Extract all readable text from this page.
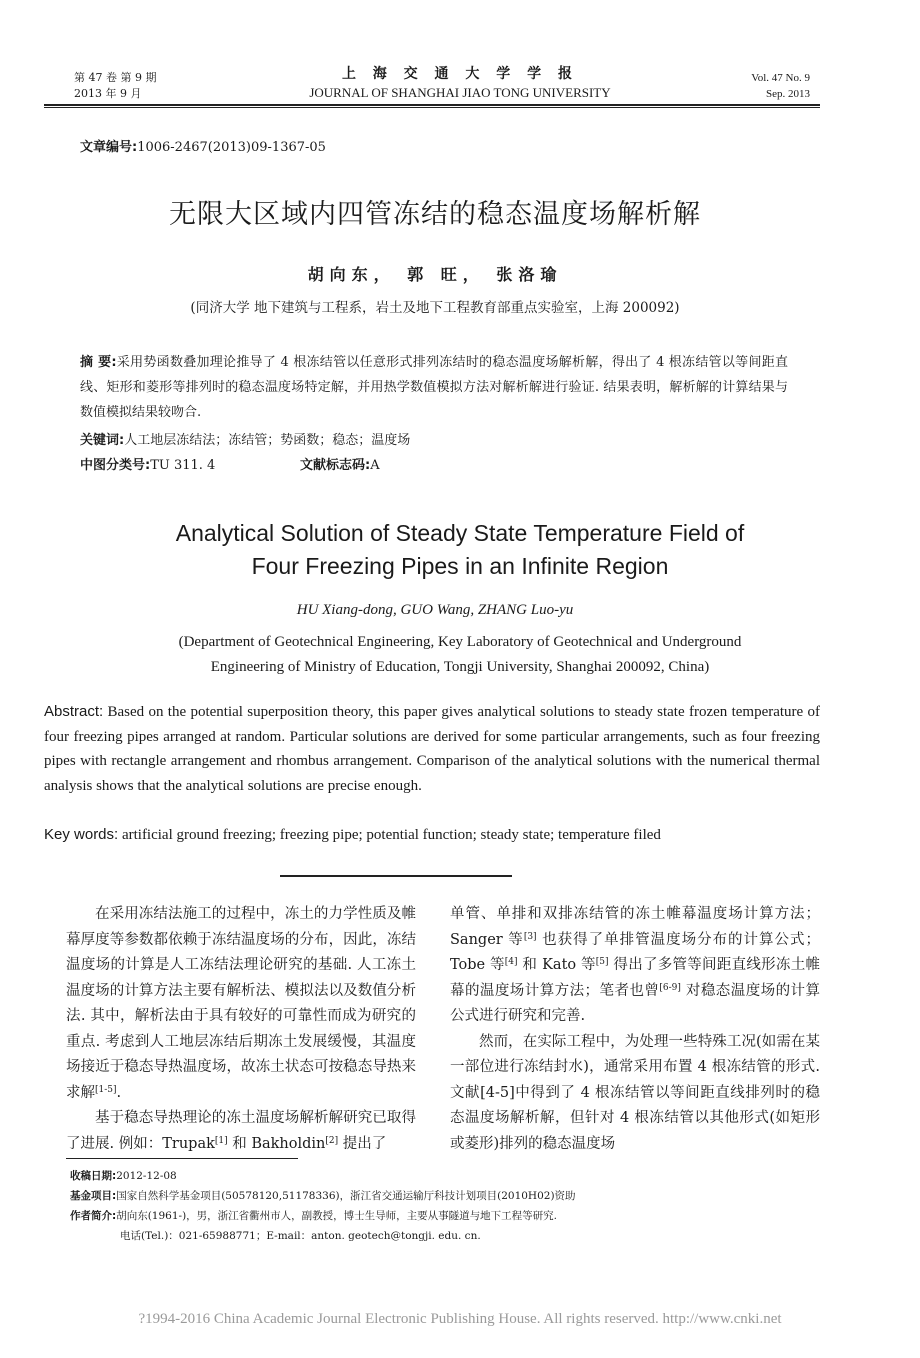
第 47 卷 第 9 期
2013 年 9 月
上 海 交 通 大 学 学 报
JOURNAL OF SHANGHAI JIAO TONG UNIVERSITY
Vol. 47 No. 9
Sep. 2013
文章编号:1006-2467(2013)09-1367-05
无限大区域内四管冻结的稳态温度场解析解
胡向东， 郭 旺， 张洛瑜
(同济大学 地下建筑与工程系，岩土及地下工程教育部重点实验室，上海 200092)
摘 要:采用势函数叠加理论推导了 4 根冻结管以任意形式排列冻结时的稳态温度场解析解，得出了 4 根冻结管以等间距直线、矩形和菱形等排列时的稳态温度场特定解，并用热学数值模拟方法对解析解进行验证. 结果表明，解析解的计算结果与数值模拟结果较吻合.
关键词:人工地层冻结法；冻结管；势函数；稳态；温度场
中图分类号:TU 311. 4	文献标志码:A
Analytical Solution of Steady State Temperature Field of
Four Freezing Pipes in an Infinite Region
HU Xiang-dong, GUO Wang, ZHANG Luo-yu
(Department of Geotechnical Engineering, Key Laboratory of Geotechnical and Underground
Engineering of Ministry of Education, Tongji University, Shanghai 200092, China)
Abstract: Based on the potential superposition theory, this paper gives analytical solutions to steady state frozen temperature of four freezing pipes arranged at random. Particular solutions are derived for some particular arrangements, such as four freezing pipes with rectangle arrangement and rhombus arrangement. Comparison of the analytical solutions with the numerical thermal analysis shows that the analytical solutions are precise enough.
Key words: artificial ground freezing; freezing pipe; potential function; steady state; temperature filed

在采用冻结法施工的过程中，冻土的力学性质及帷幕厚度等参数都依赖于冻结温度场的分布，因此，冻结温度场的计算是人工冻结法理论研究的基础. 人工冻土温度场的计算方法主要有解析法、模拟法以及数值分析法. 其中，解析法由于具有较好的可靠性而成为研究的重点. 考虑到人工地层冻结后期冻土发展缓慢，其温度场接近于稳态导热温度场，故冻土状态可按稳态导热来求解[1-5].

基于稳态导热理论的冻土温度场解析解研究已取得了进展. 例如：Trupak[1] 和 Bakholdin[2] 提出了

单管、单排和双排冻结管的冻土帷幕温度场计算方法；Sanger 等[3] 也获得了单排管温度场分布的计算公式；Tobe 等[4] 和 Kato 等[5] 得出了多管等间距直线形冻土帷幕的温度场计算方法；笔者也曾[6-9] 对稳态温度场的计算公式进行研究和完善.

然而，在实际工程中，为处理一些特殊工况(如需在某一部位进行冻结封水)，通常采用布置 4 根冻结管的形式. 文献[4-5]中得到了 4 根冻结管以等间距直线排列时的稳态温度场解析解，但针对 4 根冻结管以其他形式(如矩形或菱形)排列的稳态温度场

收稿日期:2012-12-08
基金项目:国家自然科学基金项目(50578120,51178336)，浙江省交通运输厅科技计划项目(2010H02)资助
作者简介:胡向东(1961-)，男，浙江省衢州市人，副教授，博士生导师，主要从事隧道与地下工程等研究.
电话(Tel.)：021-65988771；E-mail：anton. geotech@tongji. edu. cn.
?1994-2016 China Academic Journal Electronic Publishing House. All rights reserved. http://www.cnki.net
